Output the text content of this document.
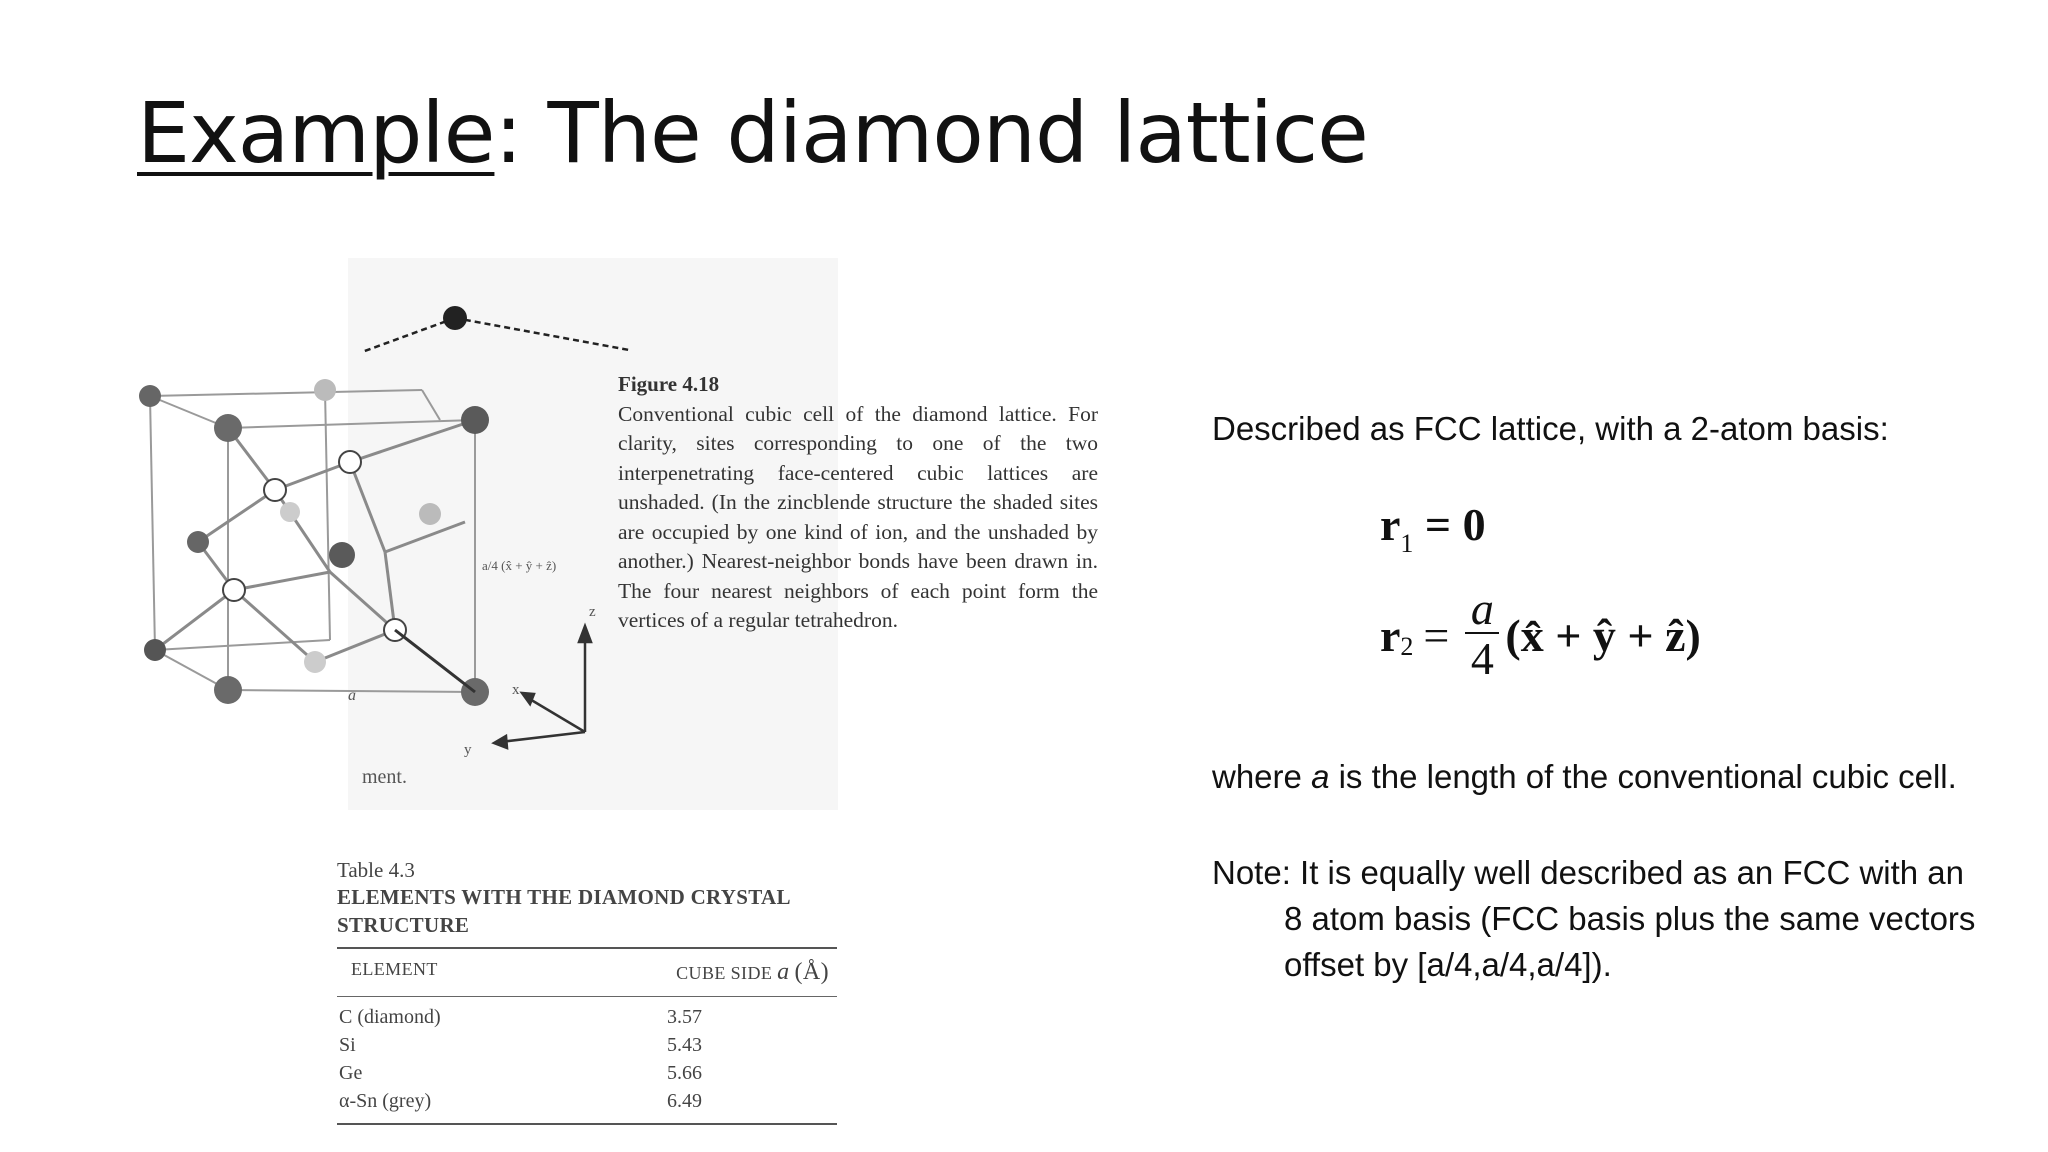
Example: The diamond lattice
a	x
y
z
a/4 (x̂ + ŷ + ẑ)
Figure 4.18
Conventional cubic cell of the diamond lattice. For clarity, sites corresponding to one of the two interpenetrating face-centered cubic lattices are unshaded. (In the zincblende structure the shaded sites are occupied by one kind of ion, and the unshaded by another.) Nearest-neighbor bonds have been drawn in. The four nearest neighbors of each point form the vertices of a regular tetrahedron.
ment.
Table 4.3
ELEMENTS WITH THE DIAMOND CRYSTAL STRUCTURE
ELEMENT	CUBE SIDE a (Å)
C (diamond)	3.57
Si	5.43
Ge	5.66
α-Sn (grey)	6.49
Described as FCC lattice, with a 2-atom basis:
$r_1 = 0$
r $2 = \frac{a}{4}$ (x̂ + ŷ + ẑ)
where a is the length of the conventional cubic cell.
Note: It is equally well described as an FCC with an
8 atom basis (FCC basis plus the same vectors
offset by [a/4,a/4,a/4]).
